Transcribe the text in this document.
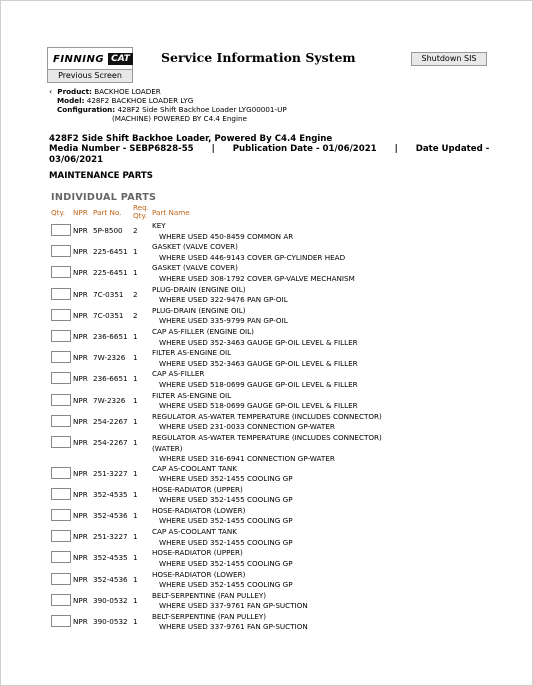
FINNING CAT
Previous Screen
Service Information System	Shutdown SIS
‹ Product: BACKHOE LOADER
Model: 428F2 BACKHOE LOADER LYG
Configuration: 428F2 Side Shift Backhoe Loader LYG00001-UP
(MACHINE) POWERED BY C4.4 Engine
428F2 Side Shift Backhoe Loader, Powered By C4.4 Engine
Media Number - SEBP6828-55      |      Publication Date - 01/06/2021      |      Date Updated -
03/06/2021
MAINTENANCE PARTS
INDIVIDUAL PARTS
Qty. NPR Part No.
Req.
Qty. Part Name
NPR 5P-8500 2
KEY
WHERE USED 450-8459 COMMON AR
NPR 225-6451 1
GASKET (VALVE COVER)
WHERE USED 446-9143 COVER GP-CYLINDER HEAD
NPR 225-6451 1
GASKET (VALVE COVER)
WHERE USED 308-1792 COVER GP-VALVE MECHANISM
NPR 7C-0351 2
PLUG-DRAIN (ENGINE OIL)
WHERE USED 322-9476 PAN GP-OIL
NPR 7C-0351 2
PLUG-DRAIN (ENGINE OIL)
WHERE USED 335-9799 PAN GP-OIL
NPR 236-6651 1
CAP AS-FILLER (ENGINE OIL)
WHERE USED 352-3463 GAUGE GP-OIL LEVEL & FILLER
NPR 7W-2326 1
FILTER AS-ENGINE OIL
WHERE USED 352-3463 GAUGE GP-OIL LEVEL & FILLER
NPR 236-6651 1
CAP AS-FILLER
WHERE USED 518-0699 GAUGE GP-OIL LEVEL & FILLER
NPR 7W-2326 1
FILTER AS-ENGINE OIL
WHERE USED 518-0699 GAUGE GP-OIL LEVEL & FILLER
NPR 254-2267 1
REGULATOR AS-WATER TEMPERATURE (INCLUDES CONNECTOR)
WHERE USED 231-0033 CONNECTION GP-WATER
NPR 254-2267 1
REGULATOR AS-WATER TEMPERATURE (INCLUDES CONNECTOR)
(WATER)
WHERE USED 316-6941 CONNECTION GP-WATER
NPR 251-3227 1
CAP AS-COOLANT TANK
WHERE USED 352-1455 COOLING GP
NPR 352-4535 1
HOSE-RADIATOR (UPPER)
WHERE USED 352-1455 COOLING GP
NPR 352-4536 1
HOSE-RADIATOR (LOWER)
WHERE USED 352-1455 COOLING GP
NPR 251-3227 1
CAP AS-COOLANT TANK
WHERE USED 352-1455 COOLING GP
NPR 352-4535 1
HOSE-RADIATOR (UPPER)
WHERE USED 352-1455 COOLING GP
NPR 352-4536 1
HOSE-RADIATOR (LOWER)
WHERE USED 352-1455 COOLING GP
NPR 390-0532 1
BELT-SERPENTINE (FAN PULLEY)
WHERE USED 337-9761 FAN GP-SUCTION
NPR 390-0532 1
BELT-SERPENTINE (FAN PULLEY)
WHERE USED 337-9761 FAN GP-SUCTION
